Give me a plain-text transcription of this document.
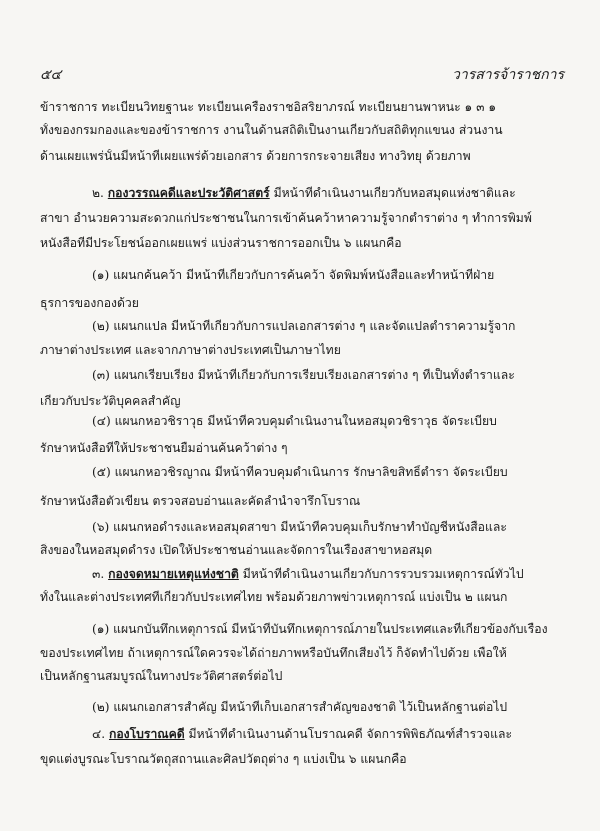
๕๔	วารสารจ้าราชการ
ข้าราชการ ทะเบียนวิทยฐานะ ทะเบียนเครื่องราชอิสริยาภรณ์ ทะเบียนยานพาหนะ ๑ ๓ ๑
ทั้งของกรมกองและของข้าราชการ งานในด้านสถิติเป็นงานเกี่ยวกับสถิติทุกแขนง ส่วนงาน
ด้านเผยแพร่นั้นมีหน้าที่เผยแพร่ด้วยเอกสาร ด้วยการกระจายเสียง ทางวิทยุ ด้วยภาพ
๒. กองวรรณคดีและประวัติศาสตร์ มีหน้าที่ดำเนินงานเกี่ยวกับหอสมุดแห่งชาติและ
สาขา อำนวยความสะดวกแก่ประชาชนในการเข้าค้นคว้าหาความรู้จากตำราต่าง ๆ ทำการพิมพ์
หนังสือที่มีประโยชน์ออกเผยแพร่ แบ่งส่วนราชการออกเป็น ๖ แผนกคือ
(๑) แผนกค้นคว้า มีหน้าที่เกี่ยวกับการค้นคว้า จัดพิมพ์หนังสือและทำหน้าที่ฝ่าย
ธุรการของกองด้วย
(๒) แผนกแปล มีหน้าที่เกี่ยวกับการแปลเอกสารต่าง ๆ และจัดแปลตำราความรู้จาก
ภาษาต่างประเทศ และจากภาษาต่างประเทศเป็นภาษาไทย
(๓) แผนกเรียบเรียง มีหน้าที่เกี่ยวกับการเรียบเรียงเอกสารต่าง ๆ ที่เป็นทั้งตำราและ
เกี่ยวกับประวัติบุคคลสำคัญ
(๔) แผนกหอวชิราวุธ มีหน้าที่ควบคุมดำเนินงานในหอสมุดวชิราวุธ จัดระเบียบ
รักษาหนังสือที่ให้ประชาชนยืมอ่านค้นคว้าต่าง ๆ
(๕) แผนกหอวชิรญาณ มีหน้าที่ควบคุมดำเนินการ รักษาลิขสิทธิ์ตำรา จัดระเบียบ
รักษาหนังสือตัวเขียน ตรวจสอบอ่านและคัดลำนำจารึกโบราณ
(๖) แผนกหอดำรงและหอสมุดสาขา มีหน้าที่ควบคุมเก็บรักษาทำบัญชีหนังสือและ
สิ่งของในหอสมุดดำรง เปิดให้ประชาชนอ่านและจัดการในเรื่องสาขาหอสมุด
๓. กองจดหมายเหตุแห่งชาติ มีหน้าที่ดำเนินงานเกี่ยวกับการรวบรวมเหตุการณ์ทั่วไป
ทั้งในและต่างประเทศที่เกี่ยวกับประเทศไทย พร้อมด้วยภาพข่าวเหตุการณ์ แบ่งเป็น ๒ แผนก
(๑) แผนกบันทึกเหตุการณ์ มีหน้าที่บันทึกเหตุการณ์ภายในประเทศและที่เกี่ยวข้องกับเรื่อง
ของประเทศไทย ถ้าเหตุการณ์ใดควรจะได้ถ่ายภาพหรือบันทึกเสียงไว้ ก็จัดทำไปด้วย เพื่อให้
เป็นหลักฐานสมบูรณ์ในทางประวัติศาสตร์ต่อไป
(๒) แผนกเอกสารสำคัญ มีหน้าที่เก็บเอกสารสำคัญของชาติ ไว้เป็นหลักฐานต่อไป
๔. กองโบราณคดี มีหน้าที่ดำเนินงานด้านโบราณคดี จัดการพิพิธภัณฑ์สำรวจและ
ขุดแต่งบูรณะโบราณวัตถุสถานและศิลปวัตถุต่าง ๆ แบ่งเป็น ๖ แผนกคือ
